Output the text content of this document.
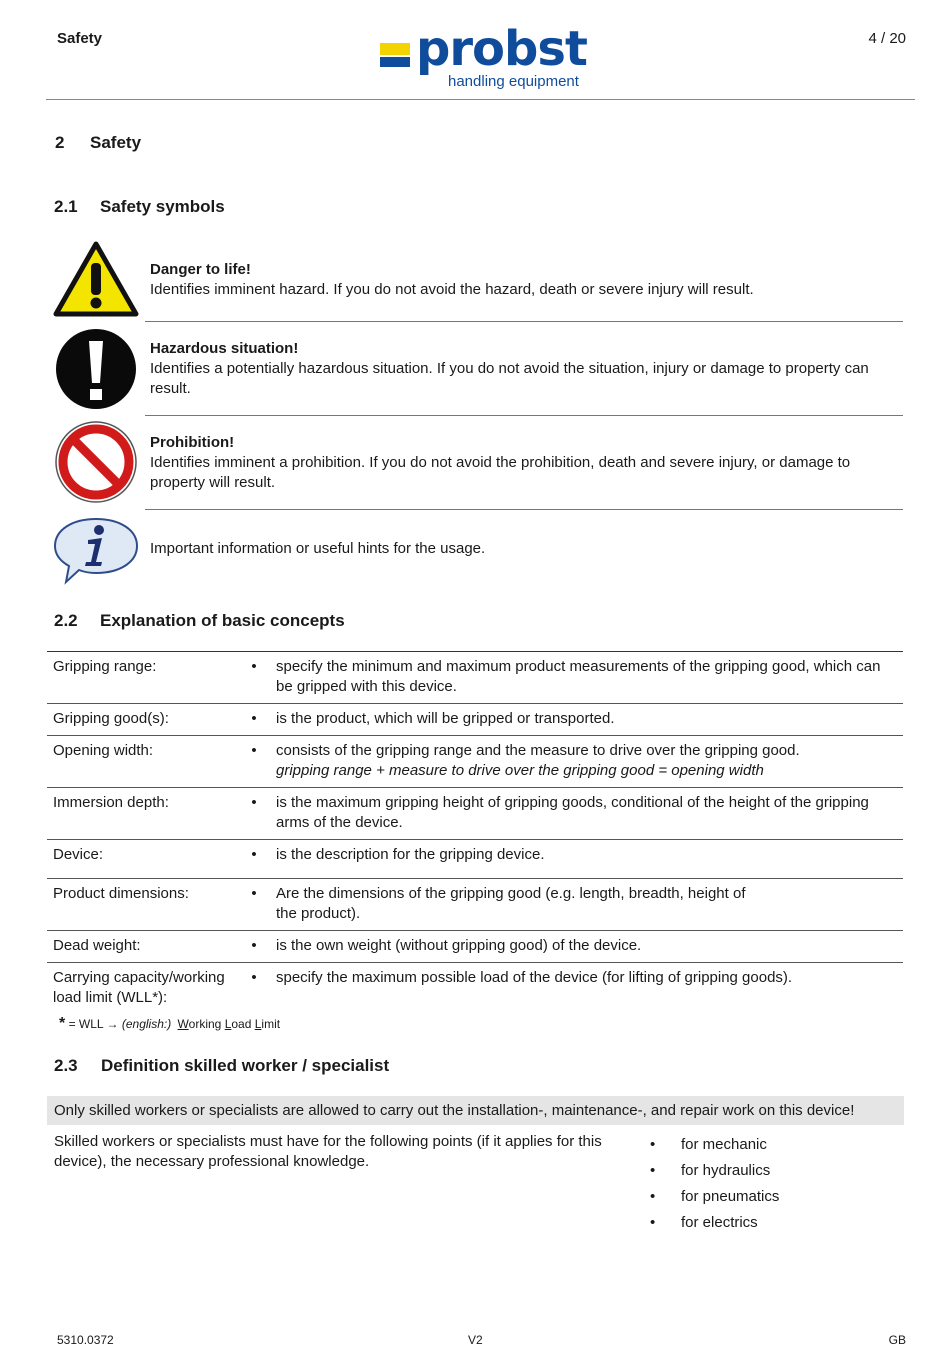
Safety	probst
handling equipment
4 / 20
2 Safety
2.1 Safety symbols
Danger to life!
Identifies imminent hazard. If you do not avoid the hazard, death or severe injury will result.
Hazardous situation!
Identifies a potentially hazardous situation. If you do not avoid the situation, injury or damage to property can result.
Prohibition!
Identifies imminent a prohibition. If you do not avoid the prohibition, death and severe injury, or damage to property will result.
Important information or useful hints for the usage.
2.2 Explanation of basic concepts
Gripping range:	•	specify the minimum and maximum product measurements of the gripping good, which can be gripped with this device.
Gripping good(s):	•	is the product, which will be gripped or transported.
Opening width:	•	consists of the gripping range and the measure to drive over the gripping good.
gripping range + measure to drive over the gripping good = opening width

Immersion depth:	•	is the maximum gripping height of gripping goods, conditional of the height of the gripping arms of the device.
Device:	•	is the description for the gripping device.
Product dimensions:	•	Are the dimensions of the gripping good (e.g. length, breadth, height of the product).
Dead weight:	•	is the own weight (without gripping good) of the device.
Carrying capacity/working load limit (WLL*):	•	specify the maximum possible load of the device (for lifting of gripping goods).
* = WLL → (english:) Working Load Limit
2.3 Definition skilled worker / specialist
Only skilled workers or specialists are allowed to carry out the installation-, maintenance-, and repair work on this device!
Skilled workers or specialists must have for the following points (if it applies for this device), the necessary professional knowledge.
• for mechanic
• for hydraulics
• for pneumatics
• for electrics
5310.0372	V2	GB
